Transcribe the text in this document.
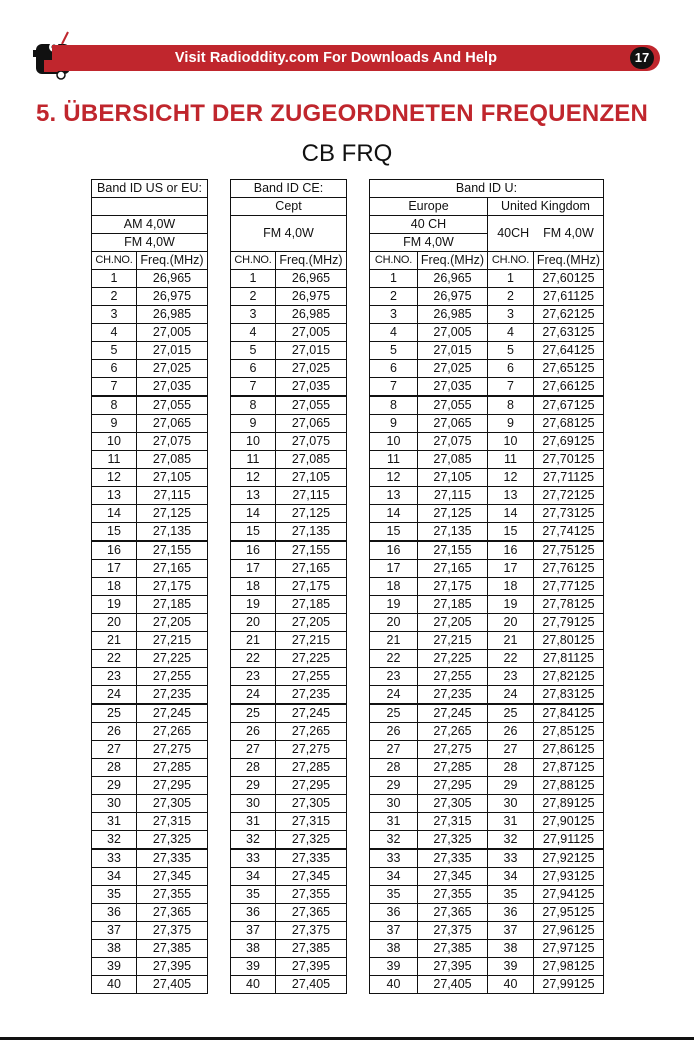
Visit Radioddity.com For Downloads And Help	17
5. ÜBERSICHT DER ZUGEORDNETEN FREQUENZEN
CB FRQ
Band ID US or EU:			Band ID CE:			Band ID U:			
			Cept			Europe		United Kingdom	
AM 4,0W			FM 4,0W			40 CH		40CH    FM 4,0W	
FM 4,0W						FM 4,0W			
CH.NO.	Freq.(MHz)		CH.NO.	Freq.(MHz)		CH.NO.	Freq.(MHz)	CH.NO.	Freq.(MHz)
1	26,965		1	26,965		1	26,965	1	27,60125
2	26,975		2	26,975		2	26,975	2	27,61125
3	26,985		3	26,985		3	26,985	3	27,62125
4	27,005		4	27,005		4	27,005	4	27,63125
5	27,015		5	27,015		5	27,015	5	27,64125
6	27,025		6	27,025		6	27,025	6	27,65125
7	27,035		7	27,035		7	27,035	7	27,66125
8	27,055		8	27,055		8	27,055	8	27,67125
9	27,065		9	27,065		9	27,065	9	27,68125
10	27,075		10	27,075		10	27,075	10	27,69125
11	27,085		11	27,085		11	27,085	11	27,70125
12	27,105		12	27,105		12	27,105	12	27,71125
13	27,115		13	27,115		13	27,115	13	27,72125
14	27,125		14	27,125		14	27,125	14	27,73125
15	27,135		15	27,135		15	27,135	15	27,74125
16	27,155		16	27,155		16	27,155	16	27,75125
17	27,165		17	27,165		17	27,165	17	27,76125
18	27,175		18	27,175		18	27,175	18	27,77125
19	27,185		19	27,185		19	27,185	19	27,78125
20	27,205		20	27,205		20	27,205	20	27,79125
21	27,215		21	27,215		21	27,215	21	27,80125
22	27,225		22	27,225		22	27,225	22	27,81125
23	27,255		23	27,255		23	27,255	23	27,82125
24	27,235		24	27,235		24	27,235	24	27,83125
25	27,245		25	27,245		25	27,245	25	27,84125
26	27,265		26	27,265		26	27,265	26	27,85125
27	27,275		27	27,275		27	27,275	27	27,86125
28	27,285		28	27,285		28	27,285	28	27,87125
29	27,295		29	27,295		29	27,295	29	27,88125
30	27,305		30	27,305		30	27,305	30	27,89125
31	27,315		31	27,315		31	27,315	31	27,90125
32	27,325		32	27,325		32	27,325	32	27,91125
33	27,335		33	27,335		33	27,335	33	27,92125
34	27,345		34	27,345		34	27,345	34	27,93125
35	27,355		35	27,355		35	27,355	35	27,94125
36	27,365		36	27,365		36	27,365	36	27,95125
37	27,375		37	27,375		37	27,375	37	27,96125
38	27,385		38	27,385		38	27,385	38	27,97125
39	27,395		39	27,395		39	27,395	39	27,98125
40	27,405		40	27,405		40	27,405	40	27,99125
